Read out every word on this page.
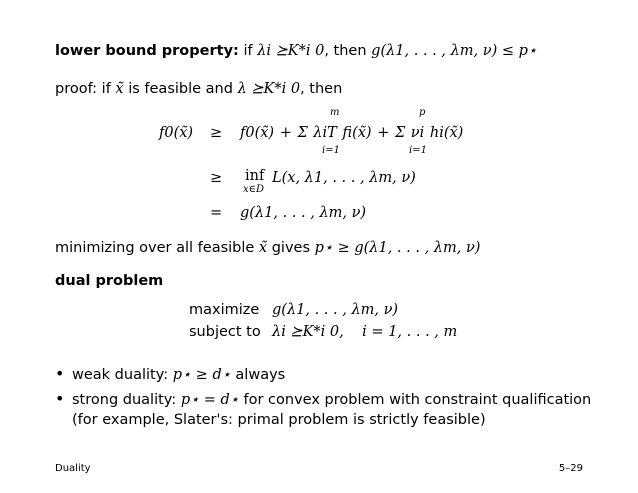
lower bound property: if λi ⪰K*i 0, then g(λ1, . . . , λm, ν) ≤ p⋆
proof: if x̃ is feasible and λ ⪰K*i 0, then
f0(x̃) ≥ f0(x̃) + Σ λiT fi(x̃) + Σ νi hi(x̃)
m
i=1
p
i=1
≥ inf
x∈D
L(x, λ1, . . . , λm, ν)
= g(λ1, . . . , λm, ν)
minimizing over all feasible x̃ gives p⋆ ≥ g(λ1, . . . , λm, ν)
dual problem
maximize g(λ1, . . . , λm, ν)
subject to λi ⪰K*i 0,    i = 1, . . . , m
• weak duality: p⋆ ≥ d⋆ always
• strong duality: p⋆ = d⋆ for convex problem with constraint qualification
(for example, Slater's: primal problem is strictly feasible)
Duality	5–29
